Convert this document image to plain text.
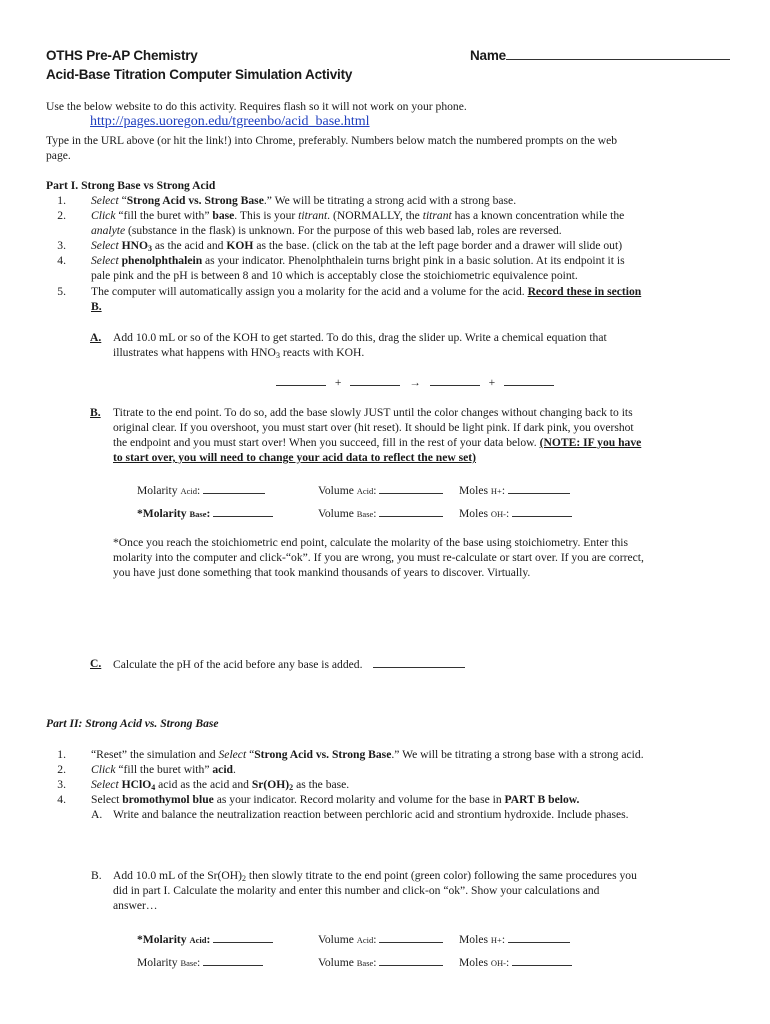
OTHS Pre-AP Chemistry
Acid-Base Titration Computer Simulation Activity
Name
Use the below website to do this activity. Requires flash so it will not work on your phone.
http://pages.uoregon.edu/tgreenbo/acid_base.html
Type in the URL above (or hit the link!) into Chrome, preferably. Numbers below match the numbered prompts on the web
page.
Part I. Strong Base vs Strong Acid
1. Select “Strong Acid vs. Strong Base.” We will be titrating a strong acid with a strong base.
2. Click “fill the buret with” base. This is your titrant. (NORMALLY, the titrant has a known concentration while the
analyte (substance in the flask) is unknown. For the purpose of this web based lab, roles are reversed.
3. Select $HNO_3$ as the acid and KOH as the base. (click on the tab at the left page border and a drawer will slide out)
4. Select phenolphthalein as your indicator. Phenolphthalein turns bright pink in a basic solution. At its endpoint it is
pale pink and the pH is between 8 and 10 which is acceptably close the stoichiometric equivalence point.
5. The computer will automatically assign you a molarity for the acid and a volume for the acid. Record these in section
B.
A. Add 10.0 mL or so of the KOH to get started. To do this, drag the slider up. Write a chemical equation that
illustrates what happens with $HNO_3$ reacts with KOH.
+	→	+
B. Titrate to the end point. To do so, add the base slowly JUST until the color changes without changing back to its
original clear. If you overshoot, you must start over (hit reset). It should be light pink. If dark pink, you overshot
the endpoint and you must start over! When you succeed, fill in the rest of your data below. (NOTE: IF you have
to start over, you will need to change your acid data to reflect the new set)
Molarity Acid:	Volume Acid:	Moles H+:
*Molarity Base:	Volume Base:	Moles OH-:
*Once you reach the stoichiometric end point, calculate the molarity of the base using stoichiometry. Enter this
molarity into the computer and click-“ok”. If you are wrong, you must re-calculate or start over. If you are correct,
you have just done something that took mankind thousands of years to discover. Virtually.
C. Calculate the pH of the acid before any base is added.
Part II: Strong Acid vs. Strong Base
1. “Reset” the simulation and Select “Strong Acid vs. Strong Base.” We will be titrating a strong base with a strong acid.
2. Click “fill the buret with” acid.
3. Select HClO$_4$ acid as the acid and $Sr(OH)_2$ as the base.
4. Select bromothymol blue as your indicator. Record molarity and volume for the base in PART B below.
A. Write and balance the neutralization reaction between perchloric acid and strontium hydroxide. Include phases.
B. Add 10.0 mL of the $Sr(OH)_2$ then slowly titrate to the end point (green color) following the same procedures you
did in part I. Calculate the molarity and enter this number and click-on “ok”. Show your calculations and
answer…
*Molarity Acid:	Volume Acid:	Moles H+:
Molarity Base:	Volume Base:	Moles OH-:
